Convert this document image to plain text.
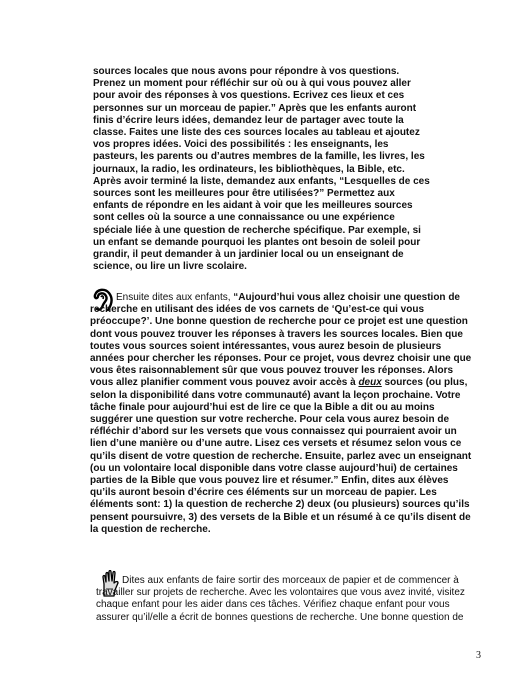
sources locales que nous avons pour répondre à vos questions.
Prenez un moment pour réfléchir sur où ou à qui vous pouvez aller
pour avoir des réponses à vos questions. Ecrivez ces lieux et ces
personnes sur un morceau de papier.” Après que les enfants auront
finis d’écrire leurs idées, demandez leur de partager avec toute la
classe. Faites une liste des ces sources locales au tableau et ajoutez
vos propres idées. Voici des possibilités : les enseignants, les
pasteurs, les parents ou d’autres membres de la famille, les livres, les
journaux, la radio, les ordinateurs, les bibliothèques, la Bible, etc.
Après avoir terminé la liste, demandez aux enfants, “Lesquelles de ces
sources sont les meilleures pour être utilisées?” Permettez aux
enfants de répondre en les aidant à voir que les meilleures sources
sont celles où la source a une connaissance ou une expérience
spéciale liée à une question de recherche spécifique. Par exemple, si
un enfant se demande pourquoi les plantes ont besoin de soleil pour
grandir, il peut demander à un jardinier local ou un enseignant de
science, ou lire un livre scolaire.
Ensuite dites aux enfants, “Aujourd’hui vous allez choisir une question de
recherche en utilisant des idées de vos carnets de ‘Qu’est-ce qui vous
préoccupe?’. Une bonne question de recherche pour ce projet est une question
dont vous pouvez trouver les réponses à travers les sources locales. Bien que
toutes vous sources soient intéressantes, vous aurez besoin de plusieurs
années pour chercher les réponses. Pour ce projet, vous devrez choisir une que
vous êtes raisonnablement sûr que vous pouvez trouver les réponses. Alors
vous allez planifier comment vous pouvez avoir accès à deux sources (ou plus,
selon la disponibilité dans votre communauté) avant la leçon prochaine. Votre
tâche finale pour aujourd’hui est de lire ce que la Bible a dit ou au moins
suggérer une question sur votre recherche. Pour cela vous aurez besoin de
réfléchir d’abord sur les versets que vous connaissez qui pourraient avoir un
lien d’une manière ou d’une autre. Lisez ces versets et résumez selon vous ce
qu’ils disent de votre question de recherche. Ensuite, parlez avec un enseignant
(ou un volontaire local disponible dans votre classe aujourd’hui) de certaines
parties de la Bible que vous pouvez lire et résumer.” Enfin, dites aux élèves
qu’ils auront besoin d’écrire ces éléments sur un morceau de papier. Les
éléments sont: 1) la question de recherche 2) deux (ou plusieurs) sources qu’ils
pensent poursuivre, 3) des versets de la Bible et un résumé à ce qu’ils disent de
la question de recherche.
Dites aux enfants de faire sortir des morceaux de papier et de commencer à
travailler sur projets de recherche. Avec les volontaires que vous avez invité, visitez
chaque enfant pour les aider dans ces tâches. Vérifiez chaque enfant pour vous
assurer qu’il/elle a écrit de bonnes questions de recherche. Une bonne question de
3
